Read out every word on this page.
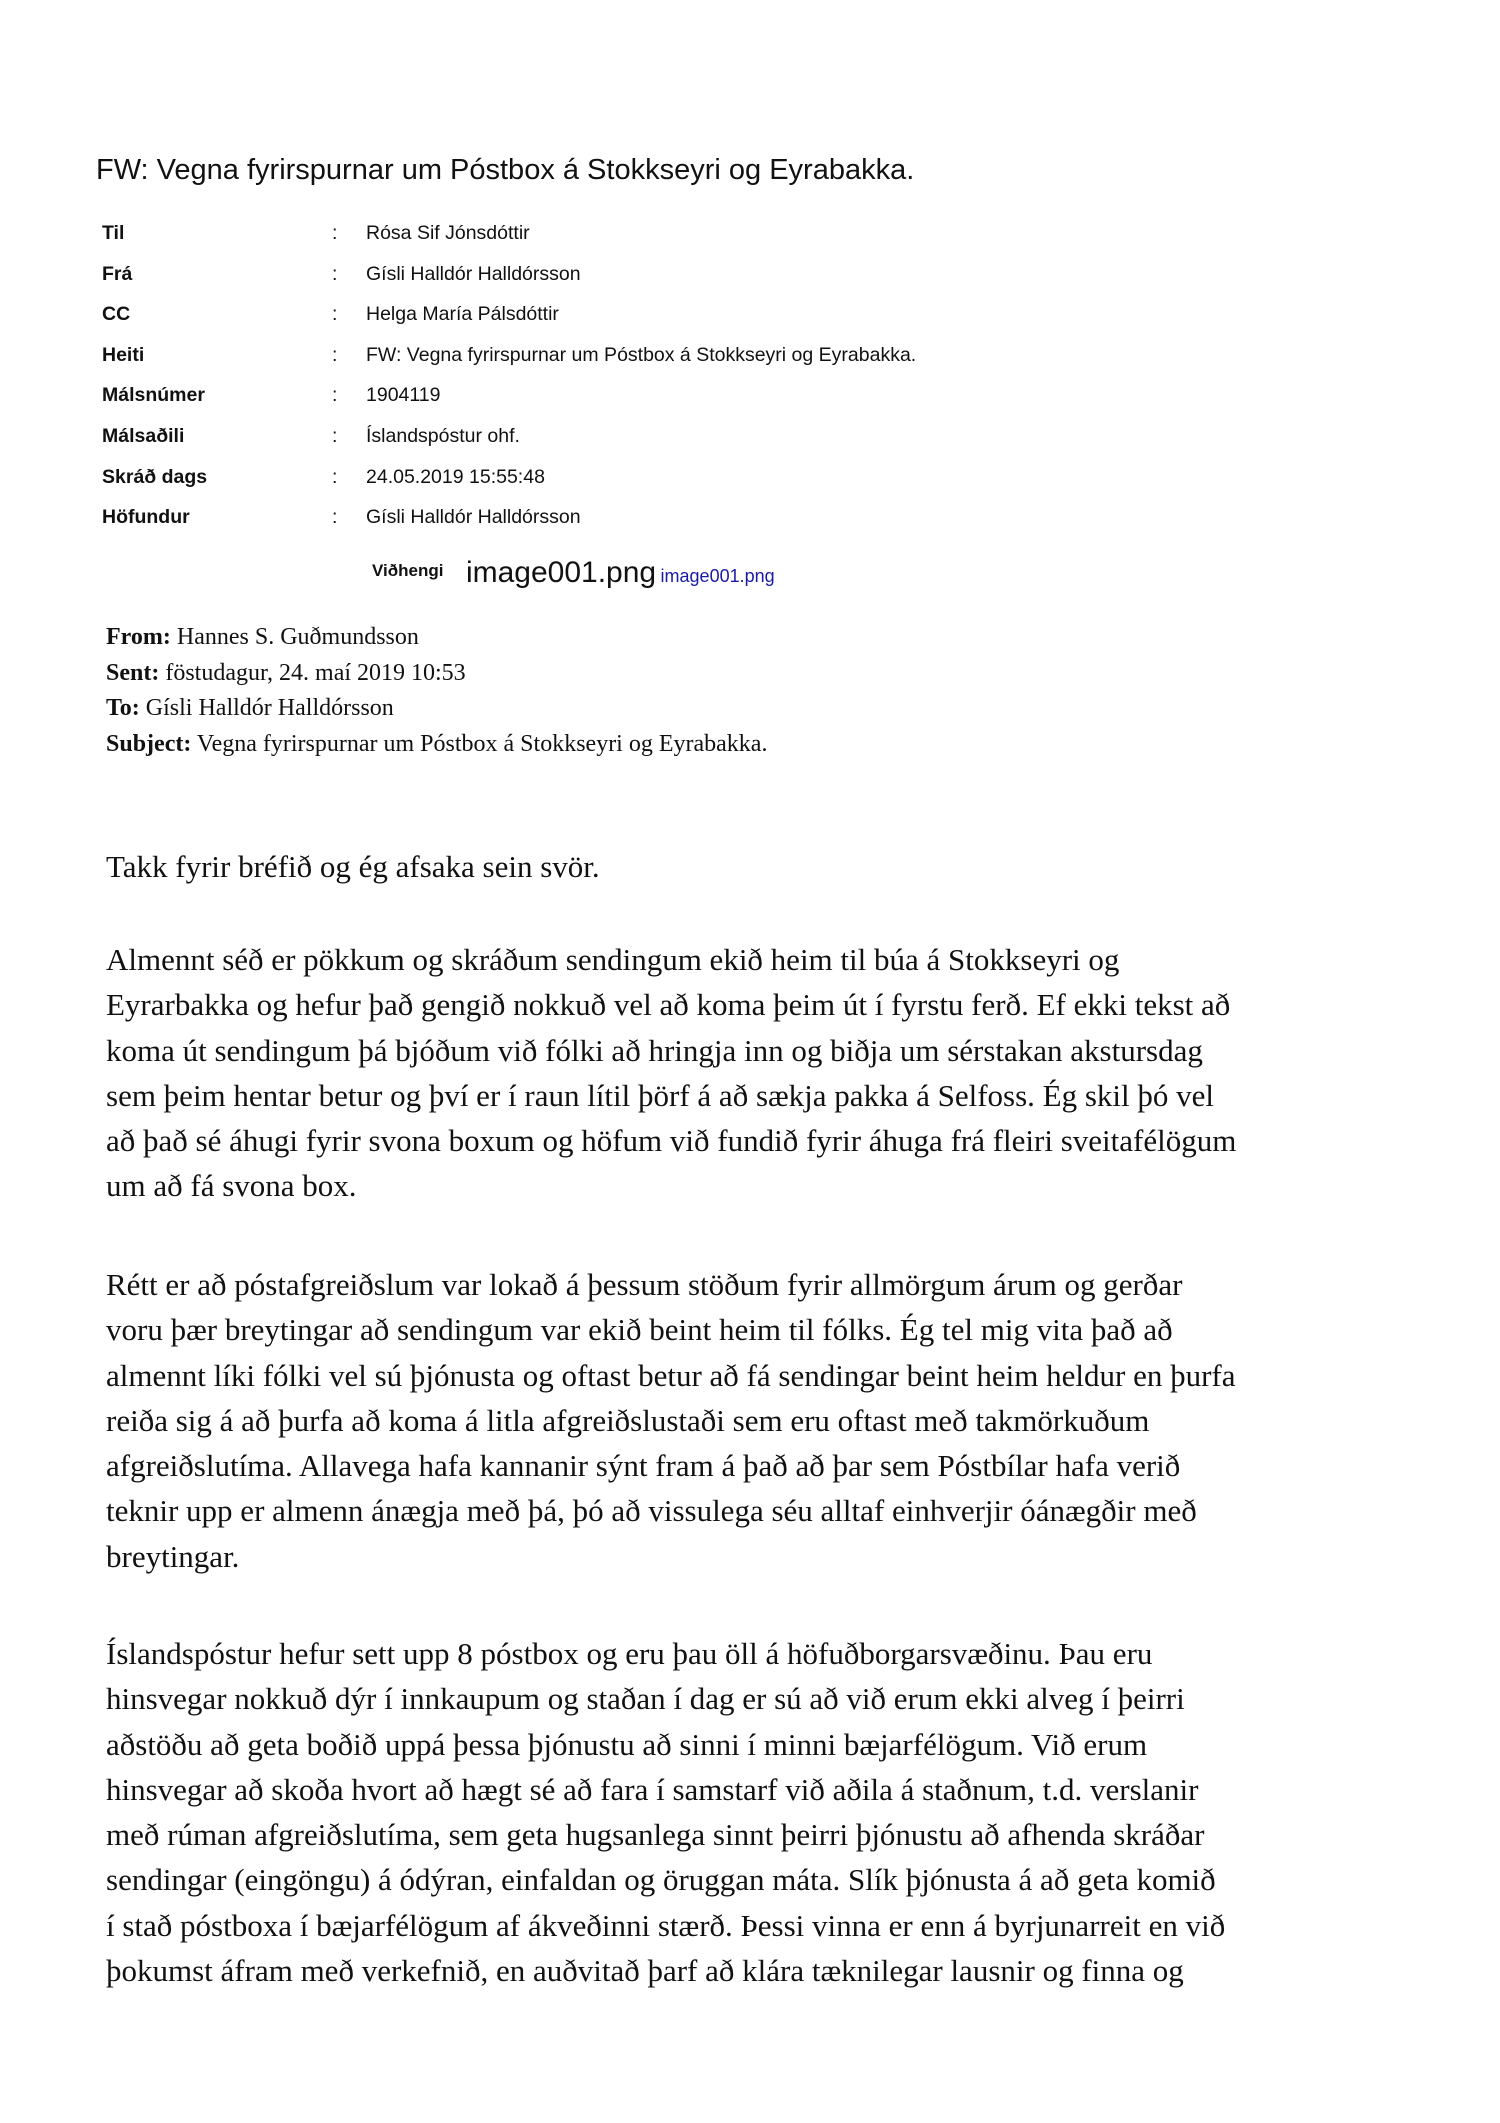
FW: Vegna fyrirspurnar um Póstbox á Stokkseyri og Eyrabakka.
Til	: Rósa Sif Jónsdóttir
Frá	: Gísli Halldór Halldórsson
CC	: Helga María Pálsdóttir
Heiti	: FW: Vegna fyrirspurnar um Póstbox á Stokkseyri og Eyrabakka.
Málsnúmer	: 1904119
Málsaðili	: Íslandspóstur ohf.
Skráð dags	: 24.05.2019 15:55:48
Höfundur	: Gísli Halldór Halldórsson
Viðhengi image001.png image001.png
From: Hannes S. Guðmundsson
Sent: föstudagur, 24. maí 2019 10:53
To: Gísli Halldór Halldórsson
Subject: Vegna fyrirspurnar um Póstbox á Stokkseyri og Eyrabakka.
Takk fyrir bréfið og ég afsaka sein svör.
Almennt séð er pökkum og skráðum sendingum ekið heim til búa á Stokkseyri og
Eyrarbakka og hefur það gengið nokkuð vel að koma þeim út í fyrstu ferð. Ef ekki tekst að
koma út sendingum þá bjóðum við fólki að hringja inn og biðja um sérstakan akstursdag
sem þeim hentar betur og því er í raun lítil þörf á að sækja pakka á Selfoss. Ég skil þó vel
að það sé áhugi fyrir svona boxum og höfum við fundið fyrir áhuga frá fleiri sveitafélögum
um að fá svona box.
Rétt er að póstafgreiðslum var lokað á þessum stöðum fyrir allmörgum árum og gerðar
voru þær breytingar að sendingum var ekið beint heim til fólks. Ég tel mig vita það að
almennt líki fólki vel sú þjónusta og oftast betur að fá sendingar beint heim heldur en þurfa
reiða sig á að þurfa að koma á litla afgreiðslustaði sem eru oftast með takmörkuðum
afgreiðslutíma. Allavega hafa kannanir sýnt fram á það að þar sem Póstbílar hafa verið
teknir upp er almenn ánægja með þá, þó að vissulega séu alltaf einhverjir óánægðir með
breytingar.
Íslandspóstur hefur sett upp 8 póstbox og eru þau öll á höfuðborgarsvæðinu. Þau eru
hinsvegar nokkuð dýr í innkaupum og staðan í dag er sú að við erum ekki alveg í þeirri
aðstöðu að geta boðið uppá þessa þjónustu að sinni í minni bæjarfélögum. Við erum
hinsvegar að skoða hvort að hægt sé að fara í samstarf við aðila á staðnum, t.d. verslanir
með rúman afgreiðslutíma, sem geta hugsanlega sinnt þeirri þjónustu að afhenda skráðar
sendingar (eingöngu) á ódýran, einfaldan og öruggan máta. Slík þjónusta á að geta komið
í stað póstboxa í bæjarfélögum af ákveðinni stærð. Þessi vinna er enn á byrjunarreit en við
þokumst áfram með verkefnið, en auðvitað þarf að klára tæknilegar lausnir og finna og
